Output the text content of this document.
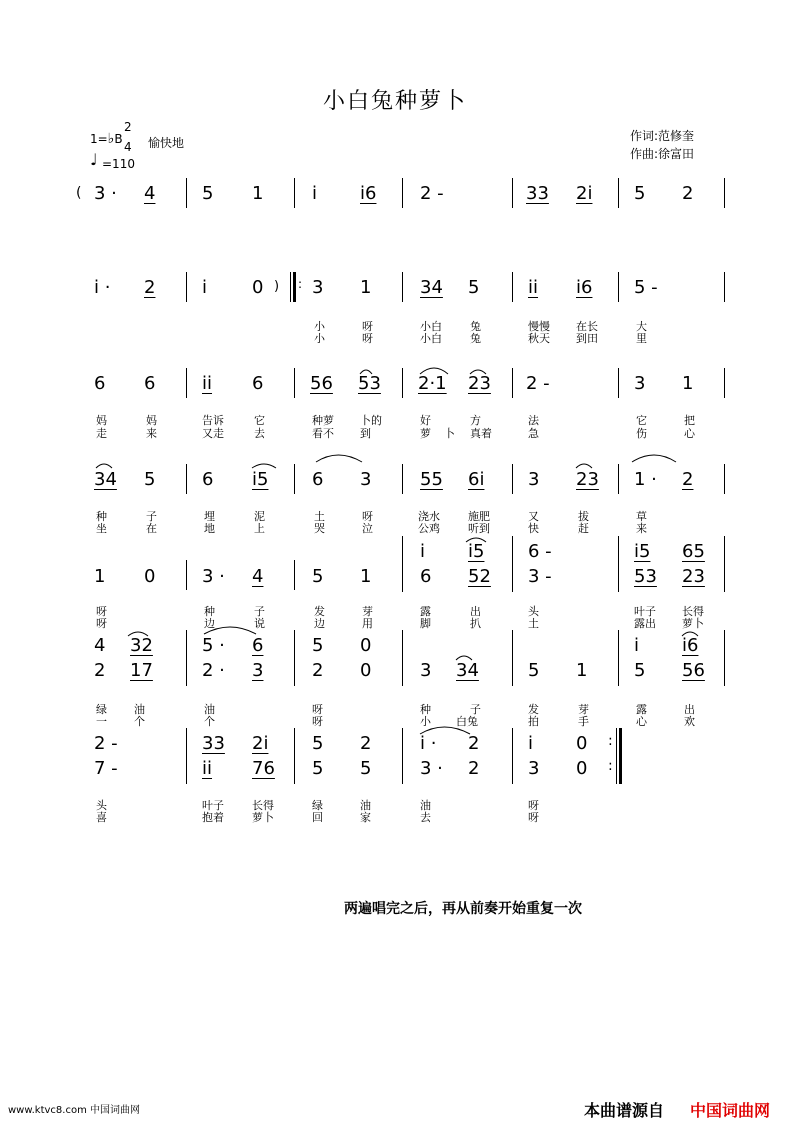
小白兔种萝卜
1=♭B
2
4
♩ =110
愉快地	作词:范修奎
作曲:徐富田
( 3 · 4	5 1	i i6 2 -	33 2i 5 2
i · 2	i 0 ) : 3 1	34 5	ii i6 5 -
小	呀	小白	兔	慢慢 在长	大
小	呀	小白	兔	秋天 到田	里
6 6	ii 6	56 53 2·1 23 2 -	3 1
妈	妈	告诉	它	种萝 卜的	好	方	法	它	把
走	来	又走	去	看不 到	萝 卜 真着	急	伤	心
34 5	6 i5 6 3	55 6i 3 23 1 · 2
种	子	埋	泥	土	呀	浇水	施肥	又	拔	草
坐	在	地	上	哭	泣	公鸡	听到	快	赶	来
i i5 6 -	i5 65
1 0	3 · 4	5 1	6 52 3 -	53 23
呀	种	子	发	芽	露	出	头	叶子 长得
呀	边	说	边	用	脚	扒	土	露出 萝卜
4 32	5 · 6	5 0	i i6
2 17	2 · 3	2 0	3 34	5 1	5 56
绿 油	油	呀	种	子	发	芽	露	出
一 个	个	呀	小 白兔	拍	手	心	欢
2 -	33 2i 5 2	i · 2	i 0
7 -	ii 76 5 5	3 · 2	3 0
:
:
头	叶子	长得	绿	油	油	呀
喜	抱着	萝卜	回	家	去	呀
两遍唱完之后，再从前奏开始重复一次
www.ktvc8.com 中国词曲网	本曲谱源自 中国词曲网
